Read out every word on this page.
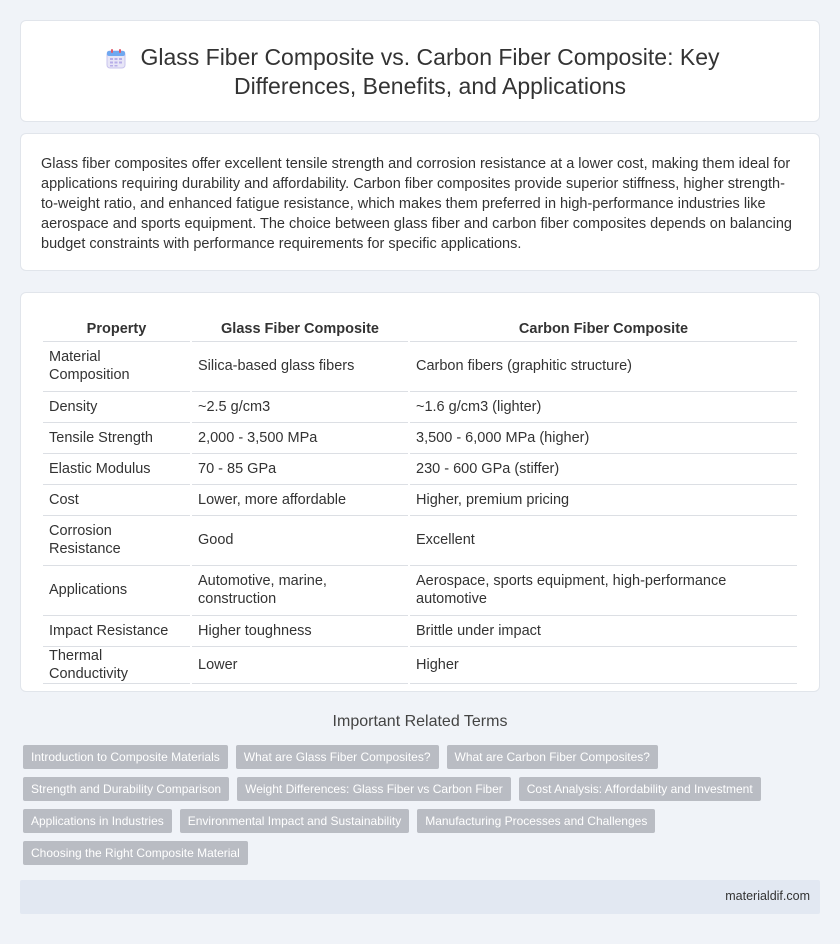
Glass Fiber Composite vs. Carbon Fiber Composite: Key Differences, Benefits, and Applications

Glass fiber composites offer excellent tensile strength and corrosion resistance at a lower cost, making them ideal for applications requiring durability and affordability. Carbon fiber composites provide superior stiffness, higher strength-to-weight ratio, and enhanced fatigue resistance, which makes them preferred in high-performance industries like aerospace and sports equipment. The choice between glass fiber and carbon fiber composites depends on balancing budget constraints with performance requirements for specific applications.

Property		Glass Fiber Composite		Carbon Fiber Composite
Material Composition		Silica-based glass fibers		Carbon fibers (graphitic structure)
Density		~2.5 g/cm3		~1.6 g/cm3 (lighter)
Tensile Strength		2,000 - 3,500 MPa		3,500 - 6,000 MPa (higher)
Elastic Modulus		70 - 85 GPa		230 - 600 GPa (stiffer)
Cost		Lower, more affordable		Higher, premium pricing
Corrosion Resistance		Good		Excellent
Applications		Automotive, marine, construction		Aerospace, sports equipment, high-performance automotive
Impact Resistance		Higher toughness		Brittle under impact
Thermal Conductivity		Lower		Higher
Important Related Terms
Introduction to Composite Materials	What are Glass Fiber Composites?	What are Carbon Fiber Composites?
Strength and Durability Comparison	Weight Differences: Glass Fiber vs Carbon Fiber	Cost Analysis: Affordability and Investment
Applications in Industries	Environmental Impact and Sustainability	Manufacturing Processes and Challenges
Choosing the Right Composite Material
materialdif.com
